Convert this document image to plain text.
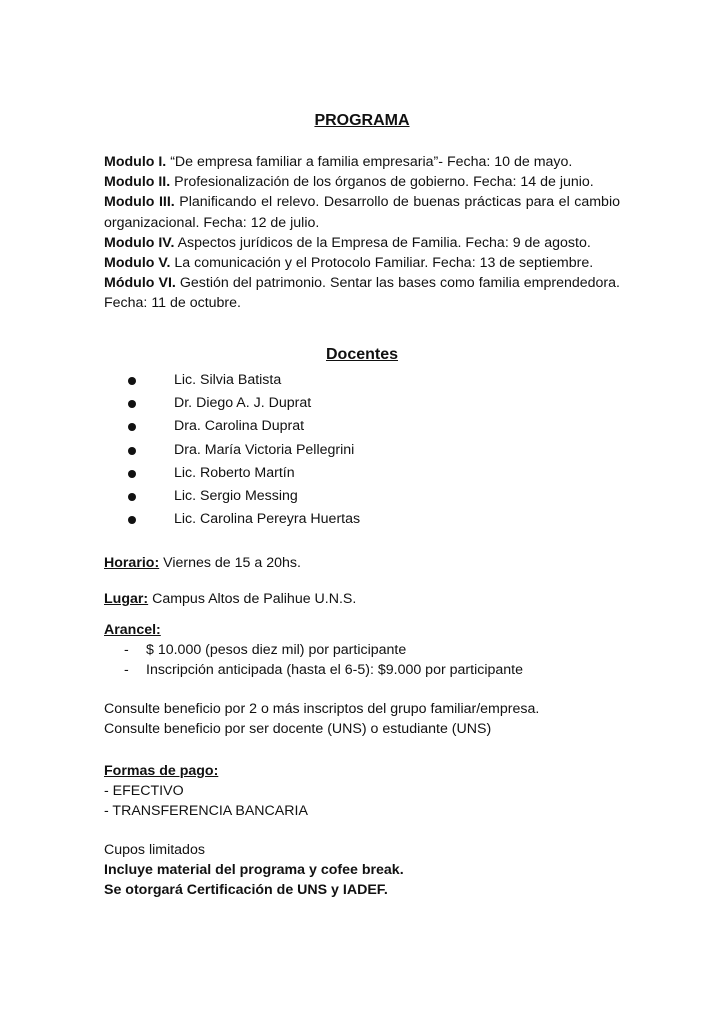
PROGRAMA

Modulo I. “De empresa familiar a familia empresaria”- Fecha: 10 de mayo.

Modulo II. Profesionalización de los órganos de gobierno. Fecha: 14 de junio.

Modulo III. Planificando el relevo. Desarrollo de buenas prácticas para el cambio organizacional. Fecha: 12 de julio.

Modulo IV. Aspectos jurídicos de la Empresa de Familia. Fecha: 9 de agosto.

Modulo V. La comunicación y el Protocolo Familiar. Fecha: 13 de septiembre.

Módulo VI. Gestión del patrimonio. Sentar las bases como familia emprendedora. Fecha: 11 de octubre.

Docentes
Lic. Silvia Batista
Dr. Diego A. J. Duprat
Dra. Carolina Duprat
Dra. María Victoria Pellegrini
Lic. Roberto Martín
Lic. Sergio Messing
Lic. Carolina Pereyra Huertas
Horario: Viernes de 15 a 20hs.
Lugar: Campus Altos de Palihue U.N.S.
Arancel:
- $ 10.000 (pesos diez mil) por participante
- Inscripción anticipada (hasta el 6-5): $9.000 por participante
Consulte beneficio por 2 o más inscriptos del grupo familiar/empresa.
Consulte beneficio por ser docente (UNS) o estudiante (UNS)
Formas de pago:
- EFECTIVO
- TRANSFERENCIA BANCARIA
Cupos limitados
Incluye material del programa y cofee break.
Se otorgará Certificación de UNS y IADEF.
